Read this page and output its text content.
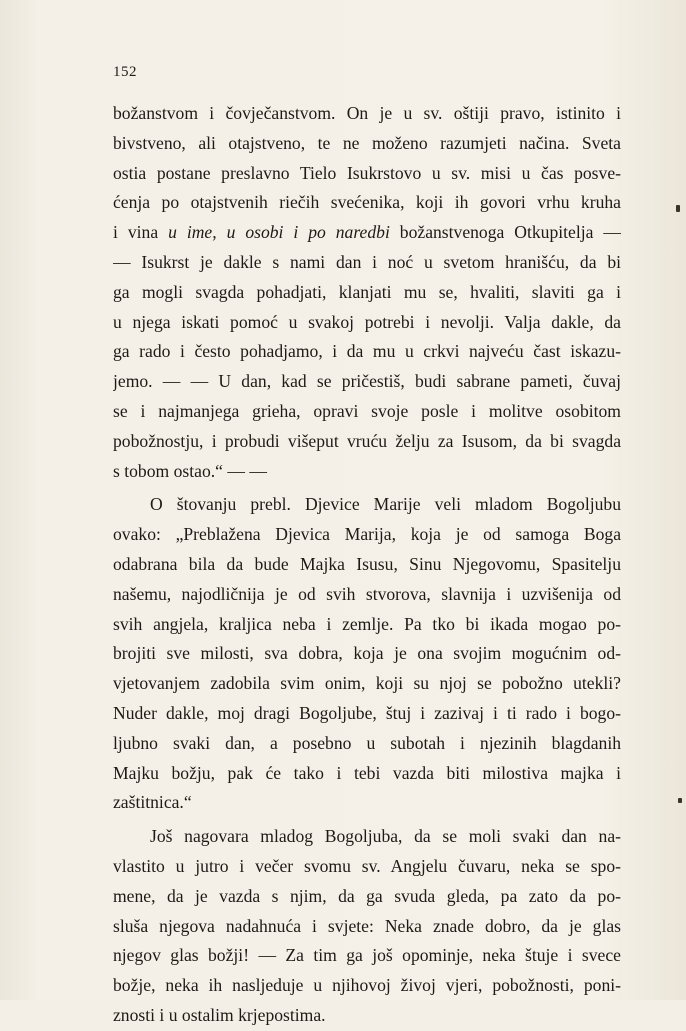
152
božanstvom i čovječanstvom. On je u sv. oštiji pravo, istinito i
bivstveno, ali otajstveno, te ne moženo razumjeti načina. Sveta
ostia postane preslavno Tielo Isukrstovo u sv. misi u čas posve-
ćenja po otajstvenih riečih svećenika, koji ih govori vrhu kruha
i vina u ime, u osobi i po naredbi božanstvenoga Otkupitelja —
— Isukrst je dakle s nami dan i noć u svetom hranišću, da bi
ga mogli svagda pohadjati, klanjati mu se, hvaliti, slaviti ga i
u njega iskati pomoć u svakoj potrebi i nevolji. Valja dakle, da
ga rado i često pohadjamo, i da mu u crkvi najveću čast iskazu-
jemo. — — U dan, kad se pričestiš, budi sabrane pameti, čuvaj
se i najmanjega grieha, opravi svoje posle i molitve osobitom
pobožnostju, i probudi višeput vruću želju za Isusom, da bi svagda
s tobom ostao.“ — —
O štovanju prebl. Djevice Marije veli mladom Bogoljubu
ovako: „Preblažena Djevica Marija, koja je od samoga Boga
odabrana bila da bude Majka Isusu, Sinu Njegovomu, Spasitelju
našemu, najodličnija je od svih stvorova, slavnija i uzvišenija od
svih angjela, kraljica neba i zemlje. Pa tko bi ikada mogao po-
brojiti sve milosti, sva dobra, koja je ona svojim mogućnim od-
vjetovanjem zadobila svim onim, koji su njoj se pobožno utekli?
Nuder dakle, moj dragi Bogoljube, štuj i zazivaj i ti rado i bogo-
ljubno svaki dan, a posebno u subotah i njezinih blagdanih
Majku božju, pak će tako i tebi vazda biti milostiva majka i
zaštitnica.“
Još nagovara mladog Bogoljuba, da se moli svaki dan na-
vlastito u jutro i večer svomu sv. Angjelu čuvaru, neka se spo-
mene, da je vazda s njim, da ga svuda gleda, pa zato da po-
sluša njegova nadahnuća i svjete: Neka znade dobro, da je glas
njegov glas božji! — Za tim ga još opominje, neka štuje i svece
božje, neka ih nasljeduje u njihovoj živoj vjeri, pobožnosti, poni-
znosti i u ostalim krjepostima.
